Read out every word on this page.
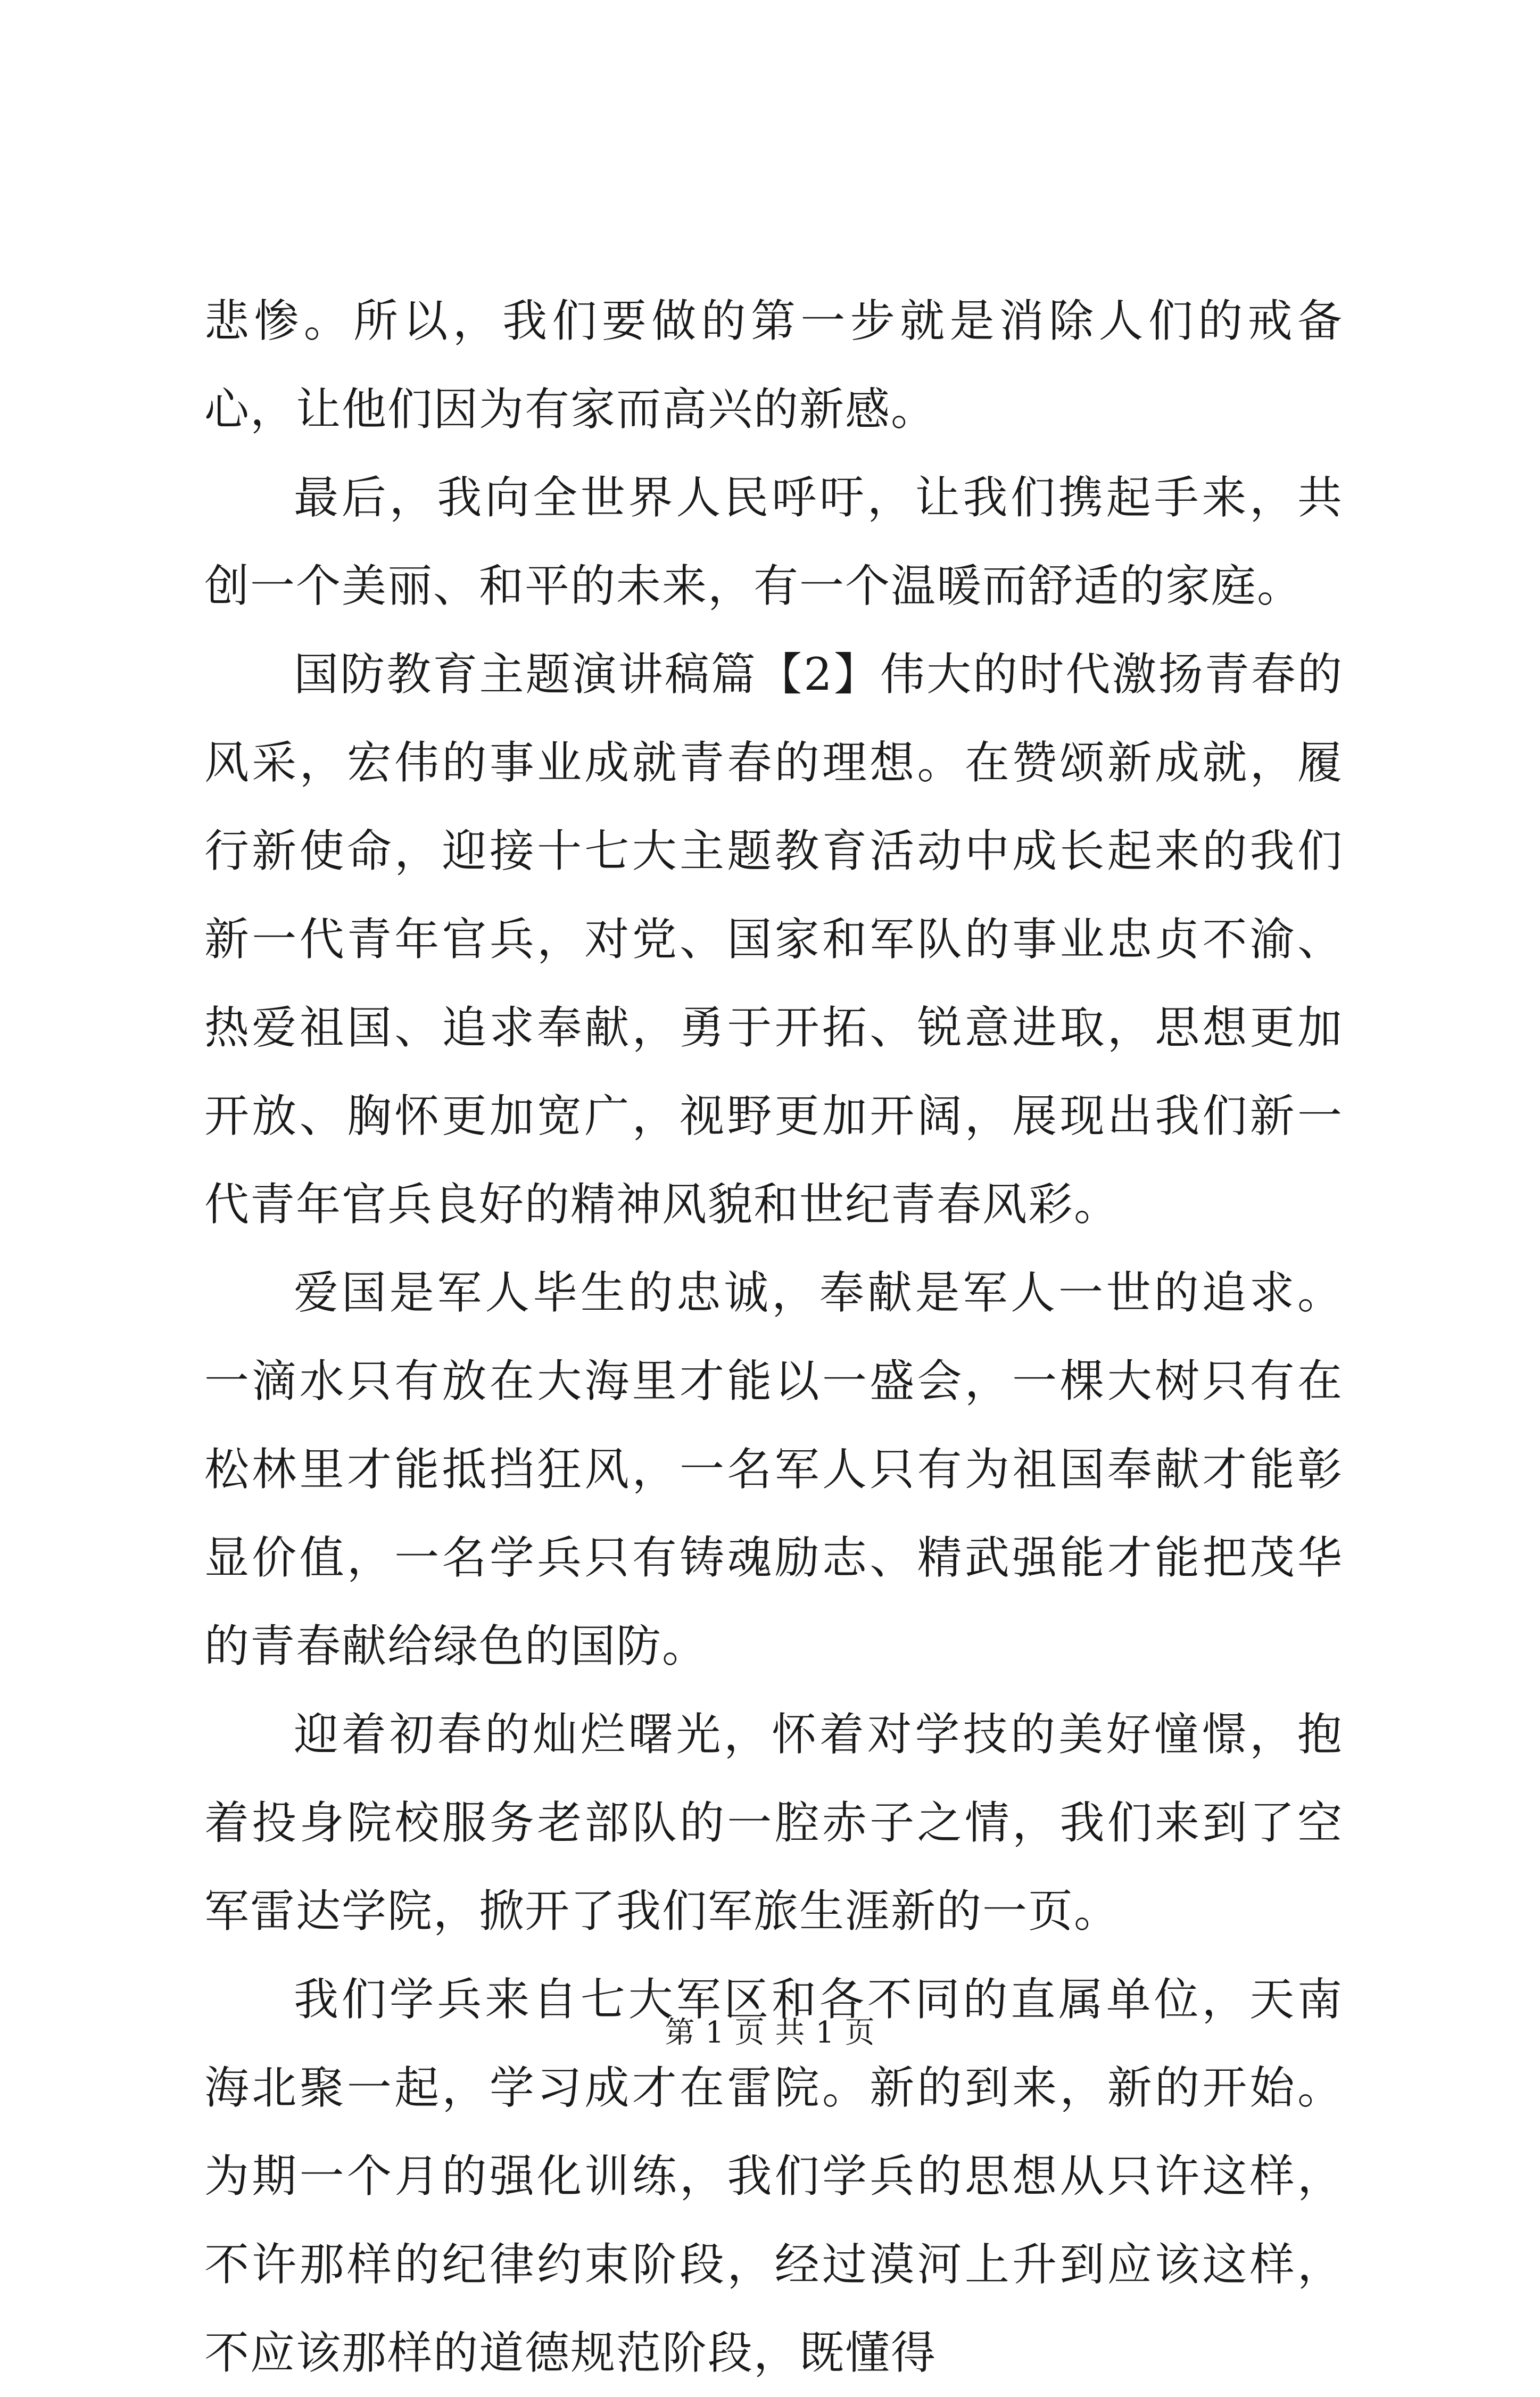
悲惨。所以，我们要做的第一步就是消除人们的戒备心，让他们因为有家而高兴的新感。

最后，我向全世界人民呼吁，让我们携起手来，共创一个美丽、和平的未来，有一个温暖而舒适的家庭。

国防教育主题演讲稿篇【2】伟大的时代激扬青春的风采，宏伟的事业成就青春的理想。在赞颂新成就，履行新使命，迎接十七大主题教育活动中成长起来的我们新一代青年官兵，对党、国家和军队的事业忠贞不渝、热爱祖国、追求奉献，勇于开拓、锐意进取，思想更加开放、胸怀更加宽广，视野更加开阔，展现出我们新一代青年官兵良好的精神风貌和世纪青春风彩。

爱国是军人毕生的忠诚，奉献是军人一世的追求。一滴水只有放在大海里才能以一盛会，一棵大树只有在松林里才能抵挡狂风，一名军人只有为祖国奉献才能彰显价值，一名学兵只有铸魂励志、精武强能才能把茂华的青春献给绿色的国防。

迎着初春的灿烂曙光，怀着对学技的美好憧憬，抱着投身院校服务老部队的一腔赤子之情，我们来到了空军雷达学院，掀开了我们军旅生涯新的一页。

我们学兵来自七大军区和各不同的直属单位，天南海北聚一起，学习成才在雷院。新的到来，新的开始。为期一个月的强化训练，我们学兵的思想从只许这样，不许那样的纪律约束阶段，经过漠河上升到应该这样，不应该那样的道德规范阶段，既懂得

第 1 页 共 1 页
